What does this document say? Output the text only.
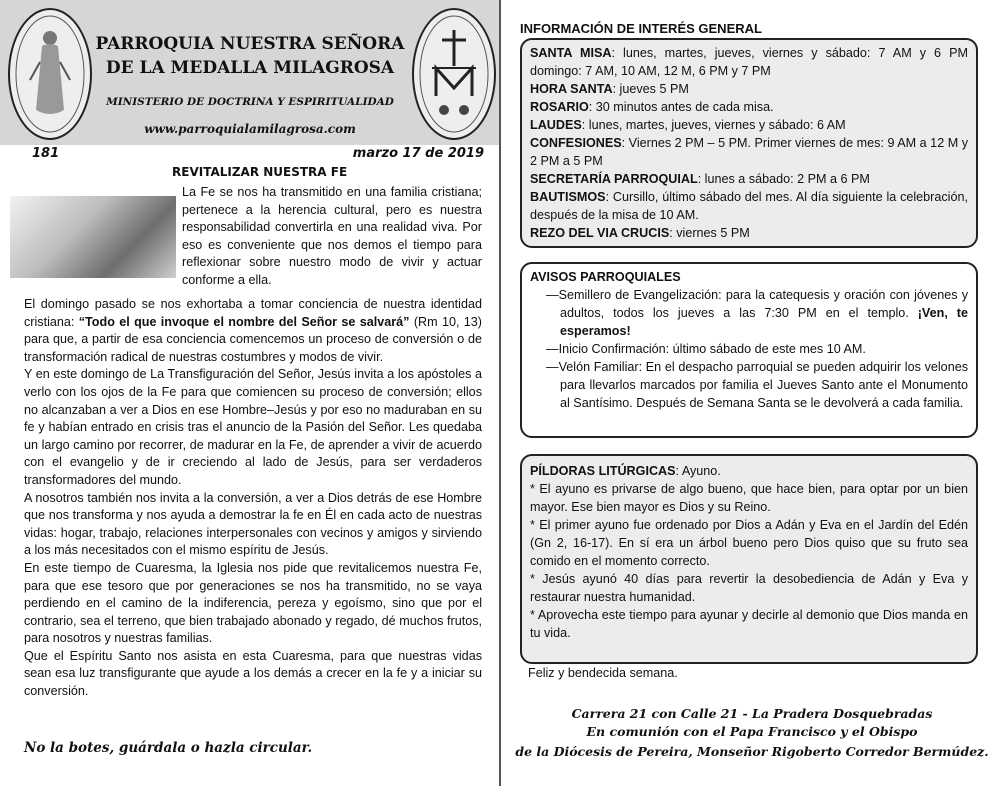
PARROQUIA NUESTRA SEÑORA
DE LA MEDALLA MILAGROSA
MINISTERIO DE DOCTRINA Y ESPIRITUALIDAD
www.parroquialamilagrosa.com
181	marzo 17 de 2019
REVITALIZAR NUESTRA FE
La Fe se nos ha transmitido en una familia cristiana; pertenece a la herencia cultural, pero es nuestra responsabilidad convertirla en una realidad viva. Por eso es conveniente que nos demos el tiempo para reflexionar sobre nuestro modo de vivir y actuar conforme a ella.

El domingo pasado se nos exhortaba a tomar conciencia de nuestra identidad cristiana: “Todo el que invoque el nombre del Señor se salvará” (Rm 10, 13) para que, a partir de esa conciencia comencemos un proceso de conversión o de transformación radical de nuestras costumbres y modos de vivir.

Y en este domingo de La Transfiguración del Señor, Jesús invita a los apóstoles a verlo con los ojos de la Fe para que comiencen su proceso de conversión; ellos no alcanzaban a ver a Dios en ese Hombre–Jesús y por eso no maduraban en su fe y habían entrado en crisis tras el anuncio de la Pasión del Señor. Les quedaba un largo camino por recorrer, de madurar en la Fe, de aprender a vivir de acuerdo con el evangelio y de ir creciendo al lado de Jesús, para ser verdaderos transformadores del mundo.

A nosotros también nos invita a la conversión, a ver a Dios detrás de ese Hombre que nos transforma y nos ayuda a demostrar la fe en Él en cada acto de nuestras vidas: hogar, trabajo, relaciones interpersonales con vecinos y amigos y sirviendo a los más necesitados con el mismo espíritu de Jesús.

En este tiempo de Cuaresma, la Iglesia nos pide que revitalicemos nuestra Fe, para que ese tesoro que por generaciones se nos ha transmitido, no se vaya perdiendo en el camino de la indiferencia, pereza y egoísmo, sino que por el contrario, sea el terreno, que bien trabajado abonado y regado, dé muchos frutos, para nosotros y nuestras familias.

Que el Espíritu Santo nos asista en esta Cuaresma, para que nuestras vidas sean esa luz transfigurante que ayude a los demás a crecer en la fe y a iniciar su conversión.

No la botes, guárdala o hazla circular.
INFORMACIÓN DE INTERÉS GENERAL
SANTA MISA: lunes, martes, jueves, viernes y sábado: 7 AM y 6 PM domingo: 7 AM, 10 AM, 12 M, 6 PM y 7 PM
HORA SANTA: jueves 5 PM
ROSARIO: 30 minutos antes de cada misa.
LAUDES: lunes, martes, jueves, viernes y sábado: 6 AM
CONFESIONES: Viernes 2 PM – 5 PM. Primer viernes de mes: 9 AM a 12 M y 2 PM a 5 PM
SECRETARÍA PARROQUIAL: lunes a sábado: 2 PM a 6 PM
BAUTISMOS: Cursillo, último sábado del mes. Al día siguiente la celebración, después de la misa de 10 AM.
REZO DEL VIA CRUCIS: viernes 5 PM
AVISOS PARROQUIALES
—Semillero de Evangelización: para la catequesis y oración con jóvenes y adultos, todos los jueves a las 7:30 PM en el templo. ¡Ven, te esperamos!
—Inicio Confirmación: último sábado de este mes 10 AM.
—Velón Familiar: En el despacho parroquial se pueden adquirir los velones para llevarlos marcados por familia el Jueves Santo ante el Monumento al Santísimo. Después de Semana Santa se le devolverá a cada familia.
PÍLDORAS LITÚRGICAS: Ayuno.
* El ayuno es privarse de algo bueno, que hace bien, para optar por un bien mayor. Ese bien mayor es Dios y su Reino.
* El primer ayuno fue ordenado por Dios a Adán y Eva en el Jardín del Edén (Gn 2, 16-17). En sí era un árbol bueno pero Dios quiso que su fruto sea comido en el momento correcto.
* Jesús ayunó 40 días para revertir la desobediencia de Adán y Eva y restaurar nuestra humanidad.
* Aprovecha este tiempo para ayunar y decirle al demonio que Dios manda en tu vida.
Feliz y bendecida semana.
Carrera 21 con Calle 21 - La Pradera Dosquebradas
En comunión con el Papa Francisco y el Obispo
de la Diócesis de Pereira, Monseñor Rigoberto Corredor Bermúdez.
